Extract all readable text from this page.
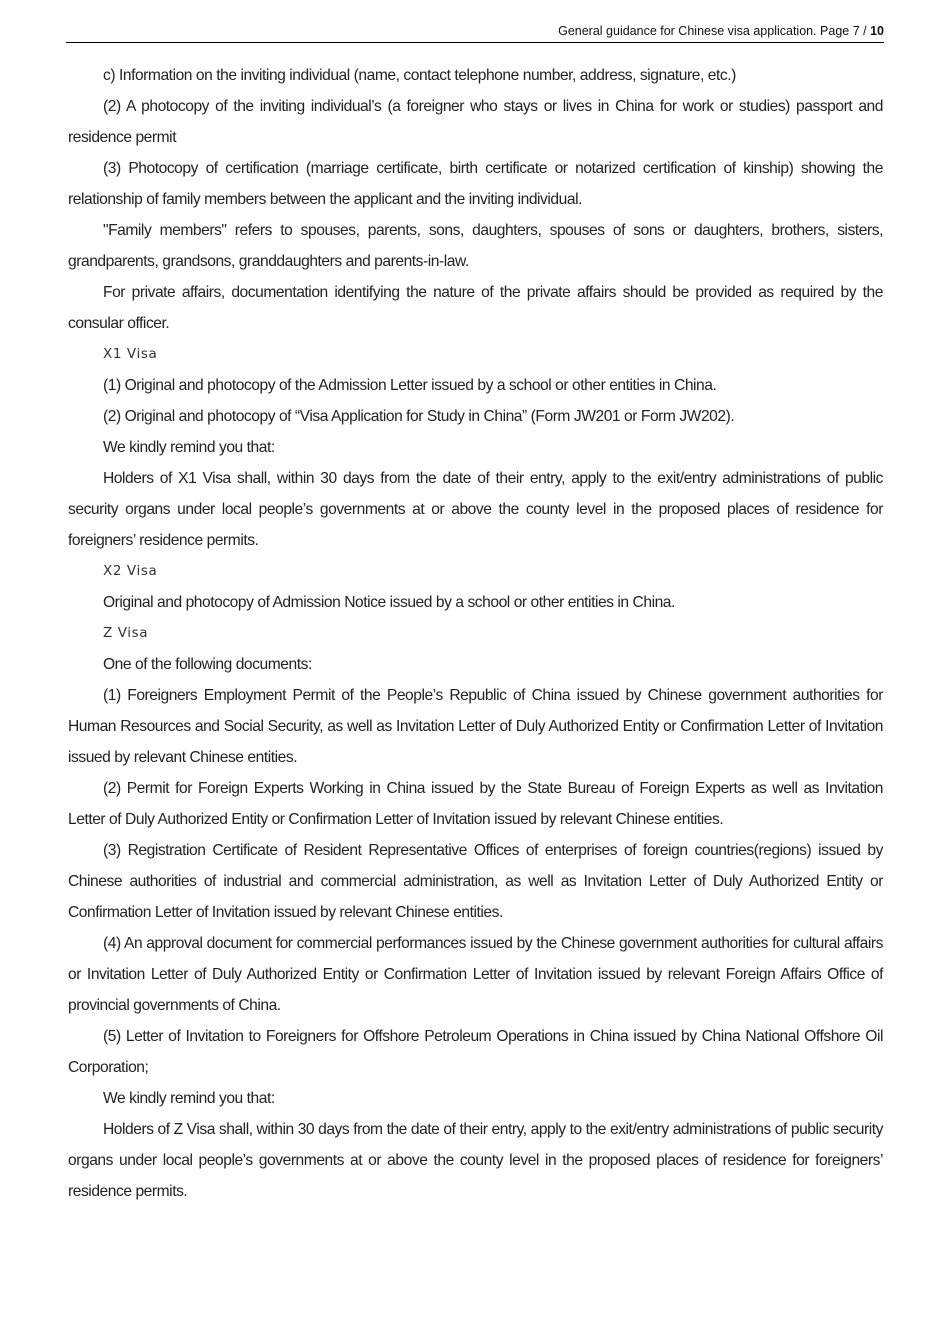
General guidance for Chinese visa application. Page 7 / 10

c) Information on the inviting individual (name, contact telephone number, address, signature, etc.)

(2) A photocopy of the inviting individual’s (a foreigner who stays or lives in China for work or studies) passport and residence permit

(3) Photocopy of certification (marriage certificate, birth certificate or notarized certification of kinship) showing the relationship of family members between the applicant and the inviting individual.

"Family members" refers to spouses, parents, sons, daughters, spouses of sons or daughters, brothers, sisters, grandparents, grandsons, granddaughters and parents-in-law.

For private affairs, documentation identifying the nature of the private affairs should be provided as required by the consular officer.

X1 Visa

(1) Original and photocopy of the Admission Letter issued by a school or other entities in China.

(2) Original and photocopy of “Visa Application for Study in China” (Form JW201 or Form JW202).

We kindly remind you that:

Holders of X1 Visa shall, within 30 days from the date of their entry, apply to the exit/entry administrations of public security organs under local people’s governments at or above the county level in the proposed places of residence for foreigners’ residence permits.

X2 Visa

Original and photocopy of Admission Notice issued by a school or other entities in China.

Z Visa

One of the following documents:

(1) Foreigners Employment Permit of the People’s Republic of China issued by Chinese government authorities for Human Resources and Social Security, as well as Invitation Letter of Duly Authorized Entity or Confirmation Letter of Invitation issued by relevant Chinese entities.

(2) Permit for Foreign Experts Working in China issued by the State Bureau of Foreign Experts as well as Invitation Letter of Duly Authorized Entity or Confirmation Letter of Invitation issued by relevant Chinese entities.

(3) Registration Certificate of Resident Representative Offices of enterprises of foreign countries(regions) issued by Chinese authorities of industrial and commercial administration, as well as Invitation Letter of Duly Authorized Entity or Confirmation Letter of Invitation issued by relevant Chinese entities.

(4) An approval document for commercial performances issued by the Chinese government authorities for cultural affairs or Invitation Letter of Duly Authorized Entity or Confirmation Letter of Invitation issued by relevant Foreign Affairs Office of provincial governments of China.

(5) Letter of Invitation to Foreigners for Offshore Petroleum Operations in China issued by China National Offshore Oil Corporation;

We kindly remind you that:

Holders of Z Visa shall, within 30 days from the date of their entry, apply to the exit/entry administrations of public security organs under local people’s governments at or above the county level in the proposed places of residence for foreigners’ residence permits.
